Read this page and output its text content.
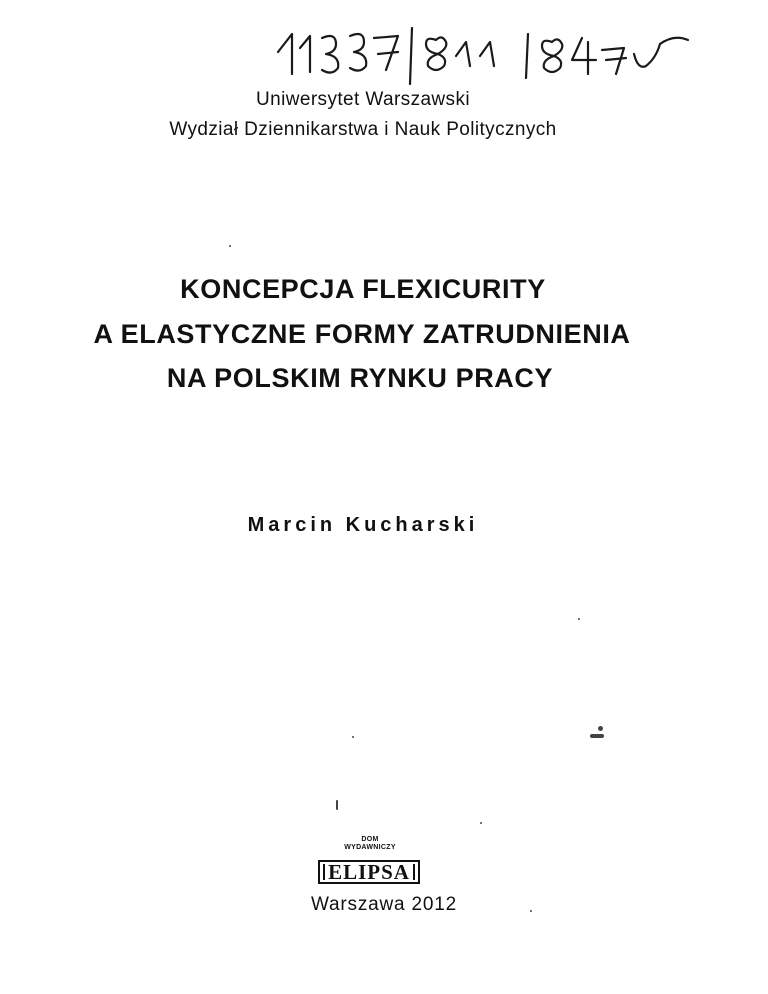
Uniwersytet Warszawski
Wydział Dziennikarstwa i Nauk Politycznych
KONCEPCJA FLEXICURITY
A ELASTYCZNE FORMY ZATRUDNIENIA
NA POLSKIM RYNKU PRACY
Marcin Kucharski
DOM
WYDAWNICZY
ELIPSA
Warszawa 2012
